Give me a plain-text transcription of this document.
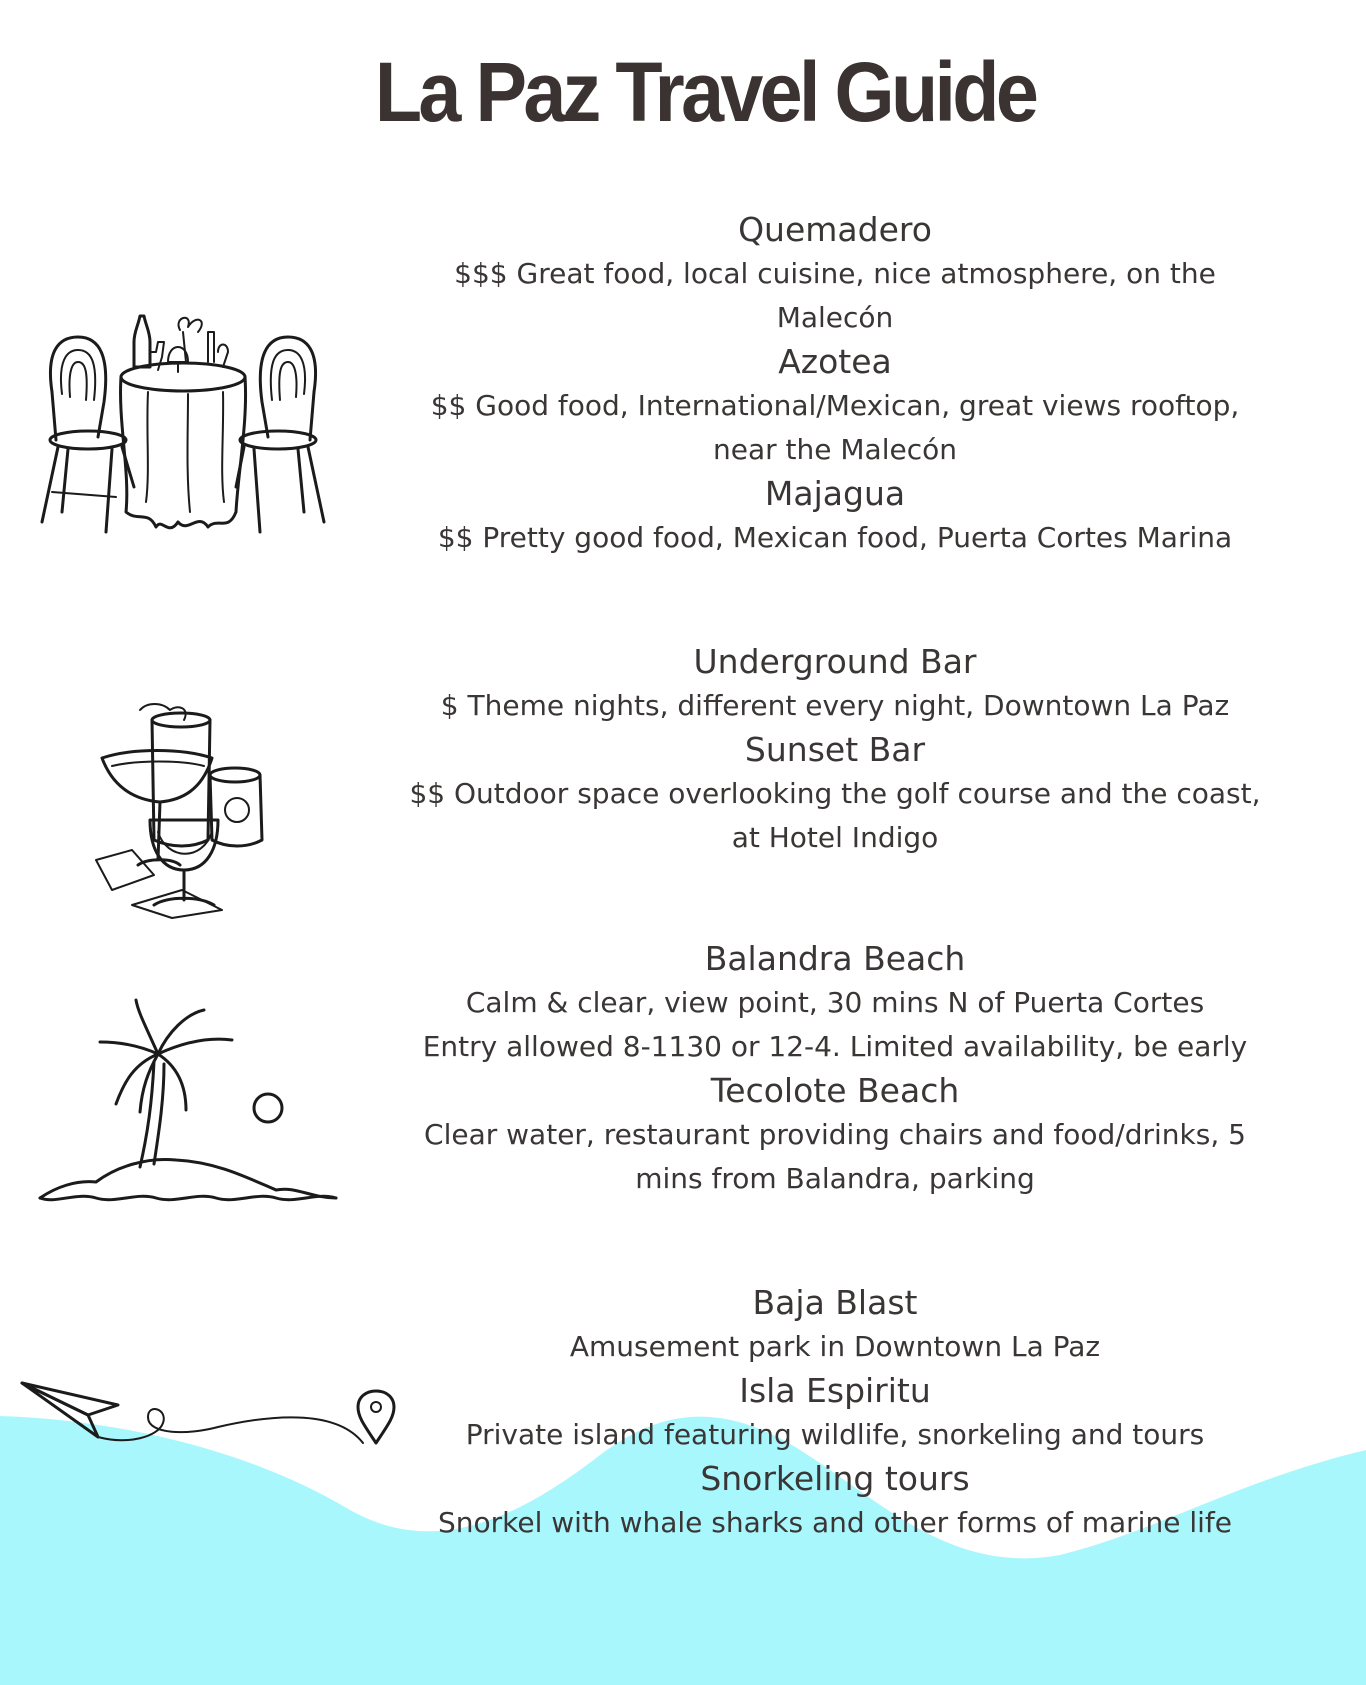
La Paz Travel Guide
Quemadero
$$$ Great food, local cuisine, nice atmosphere, on the
Malecón
Azotea
$$ Good food, International/Mexican, great views rooftop,
near the Malecón
Majagua
$$ Pretty good food, Mexican food, Puerta Cortes Marina
Underground Bar
$ Theme nights, different every night, Downtown La Paz
Sunset Bar
$$ Outdoor space overlooking the golf course and the coast,
at Hotel Indigo
Balandra Beach
Calm & clear, view point, 30 mins N of Puerta Cortes
Entry allowed 8-1130 or 12-4. Limited availability, be early
Tecolote Beach
Clear water, restaurant providing chairs and food/drinks, 5
mins from Balandra, parking
Baja Blast
Amusement park in Downtown La Paz
Isla Espiritu
Private island featuring wildlife, snorkeling and tours
Snorkeling tours
Snorkel with whale sharks and other forms of marine life
